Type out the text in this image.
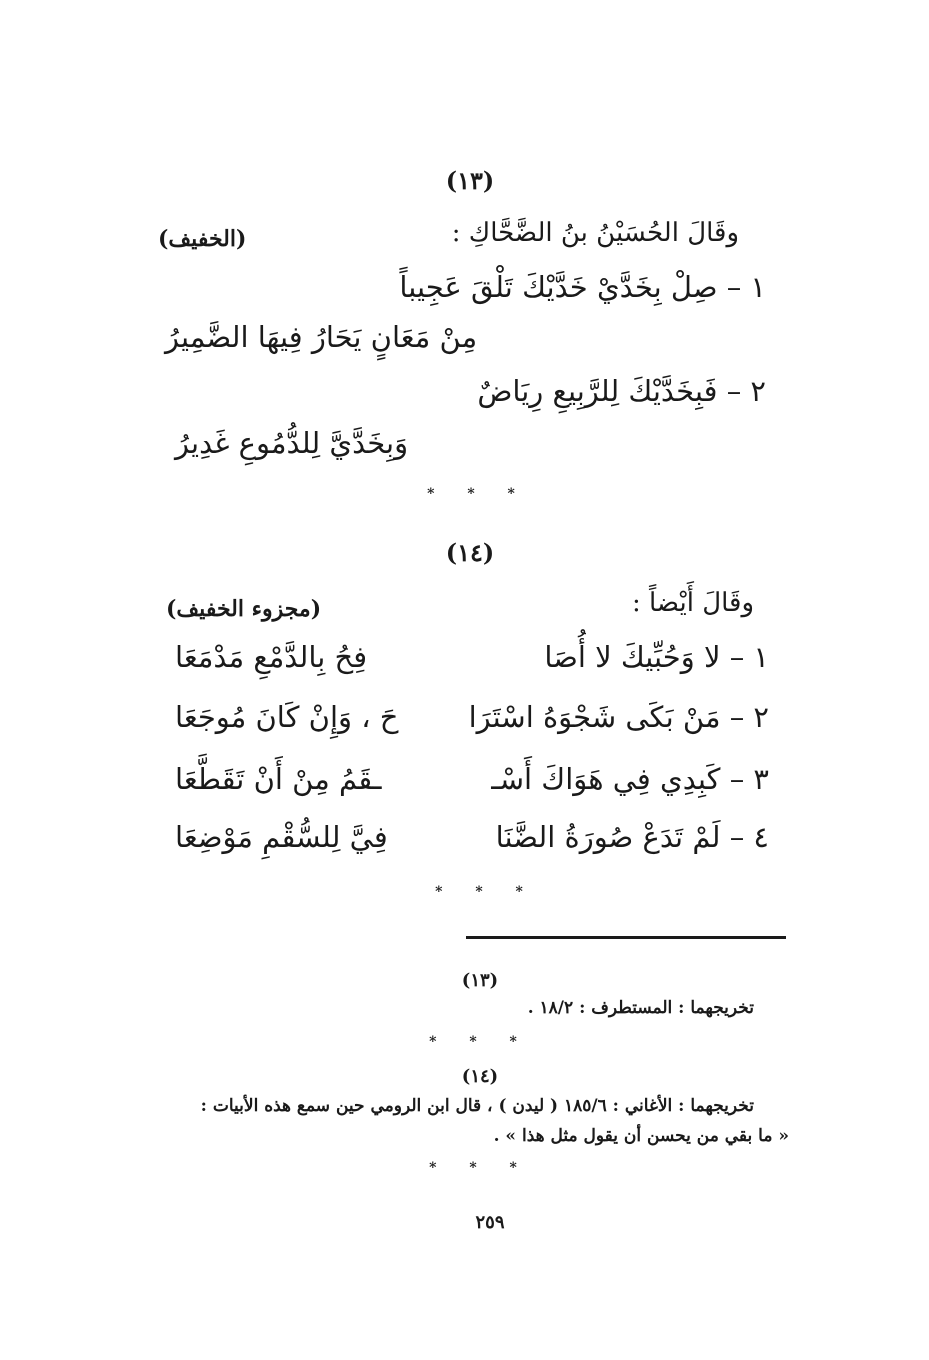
(١٣)
وقَالَ الحُسَيْنُ بنُ الضَّحَّاكِ :
(الخفيف)
١ – صِلْ بِخَدَّيْ خَدَّيْكَ تَلْقَ عَجِيباً
مِنْ مَعَانٍ يَحَارُ فِيهَا الضَّمِيرُ
٢ – فَبِخَدَّيْكَ لِلرَّبِيعِ رِيَاضٌ
وَبِخَدَّيَّ لِلدُّمُوعِ غَدِيرُ
* * *
(١٤)
وقَالَ أَيْضاً :
(مجزوء الخفيف)
١ – لا وَحُبِّيكَ لا أُصَا
فِحُ بِالدَّمْعِ مَدْمَعَا
٢ – مَنْ بَكَى شَجْوَهُ اسْتَرَا
حَ ، وَإِنْ كَانَ مُوجَعَا
٣ – كَبِدِي فِي هَوَاكَ أَسْـ
ـقَمُ مِنْ أَنْ تَقَطَّعَا
٤ – لَمْ تَدَعْ صُورَةُ الضَّنَا
فِيَّ لِلسُّقْمِ مَوْضِعَا
* * *
(١٣)
تخريجهما : المستطرف : ١٨/٢ .
* * *
(١٤)
تخريجهما : الأغاني : ١٨٥/٦ ( ليدن ) ، قال ابن الرومي حين سمع هذه الأبيات :
« ما بقي من يحسن أن يقول مثل هذا » .
* * *
٢٥٩
